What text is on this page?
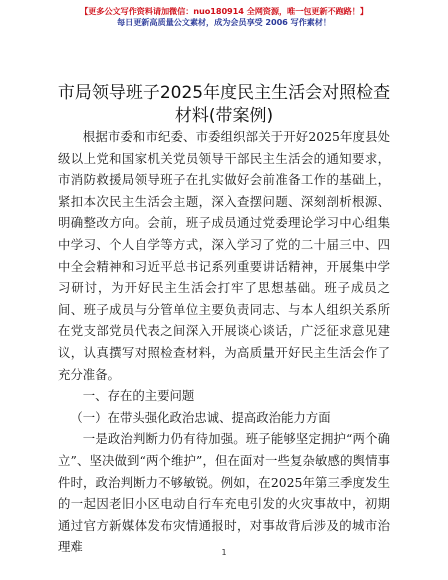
【更多公文写作资料请加微信：nuo180914 全网资源，唯一包更新不跑路！】
每日更新高质量公文素材，成为会员享受 2006 写作素材！
市局领导班子2025年度民主生活会对照检查材料(带案例)

根据市委和市纪委、市委组织部关于开好2025年度县处级以上党和国家机关党员领导干部民主生活会的通知要求，市消防救援局领导班子在扎实做好会前准备工作的基础上，紧扣本次民主生活会主题，深入查摆问题、深刻剖析根源、明确整改方向。会前，班子成员通过党委理论学习中心组集中学习、个人自学等方式，深入学习了党的二十届三中、四中全会精神和习近平总书记系列重要讲话精神，开展集中学习研讨，为开好民主生活会打牢了思想基础。班子成员之间、班子成员与分管单位主要负责同志、与本人组织关系所在党支部党员代表之间深入开展谈心谈话，广泛征求意见建议，认真撰写对照检查材料，为高质量开好民主生活会作了充分准备。

一、存在的主要问题

（一）在带头强化政治忠诚、提高政治能力方面

一是政治判断力仍有待加强。班子能够坚定拥护“两个确立”、坚决做到“两个维护”，但在面对一些复杂敏感的舆情事件时，政治判断力不够敏锐。例如，在2025年第三季度发生的一起因老旧小区电动自行车充电引发的火灾事故中，初期通过官方新媒体发布灾情通报时，对事故背后涉及的城市治理难	1
